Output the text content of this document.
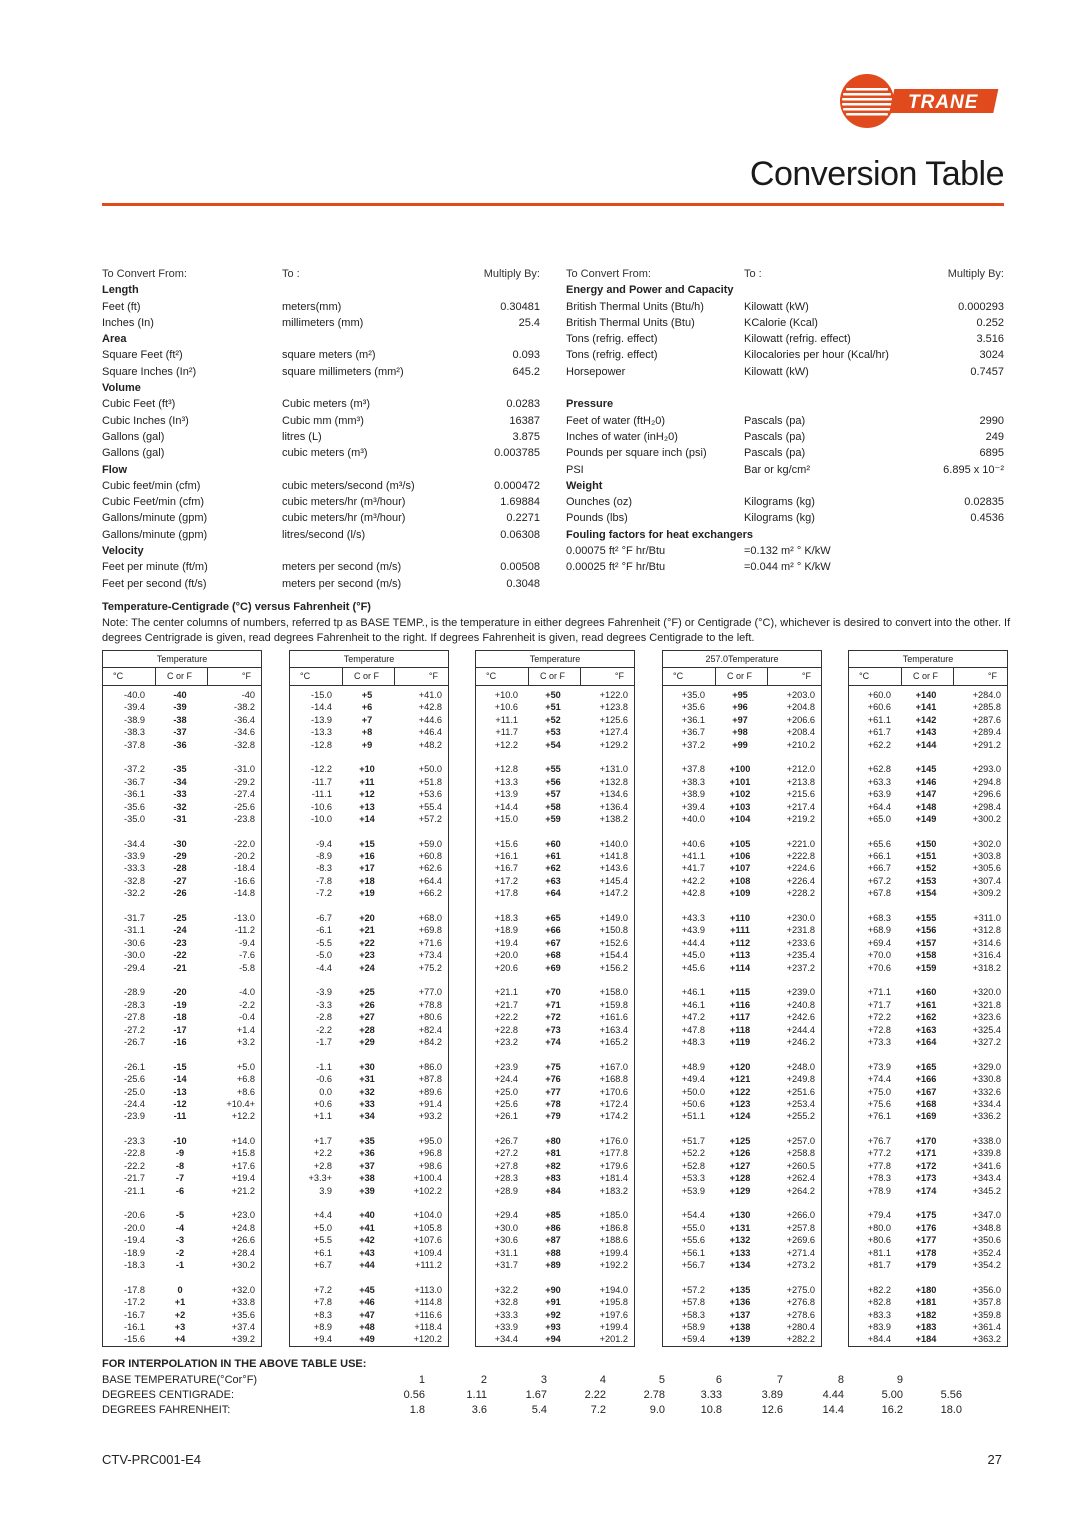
TRANE
Conversion Table
To Convert From:	To :	Multiply By:
Length
Feet (ft)	meters(mm)	0.30481
Inches (In)	millimeters (mm)	25.4
Area
Square Feet (ft²)	square meters (m²)	0.093
Square Inches (In²)	square millimeters (mm²)	645.2
Volume
Cubic Feet (ft³)	Cubic meters (m³)	0.0283
Cubic Inches (In³)	Cubic mm (mm³)	16387
Gallons (gal)	litres (L)	3.875
Gallons (gal)	cubic meters (m³)	0.003785
Flow
Cubic feet/min (cfm)	cubic meters/second (m³/s)	0.000472
Cubic Feet/min (cfm)	cubic meters/hr (m³/hour)	1.69884
Gallons/minute (gpm)	cubic meters/hr (m³/hour)	0.2271
Gallons/minute (gpm)	litres/second (l/s)	0.06308
Velocity
Feet per minute (ft/m)	meters per second (m/s)	0.00508
Feet per second (ft/s)	meters per second (m/s)	0.3048
To Convert From:	To :	Multiply By:
Energy and Power and Capacity
British Thermal Units (Btu/h)	Kilowatt (kW)	0.000293
British Thermal Units (Btu)	KCalorie (Kcal)	0.252
Tons (refrig. effect)	Kilowatt (refrig. effect)	3.516
Tons (refrig. effect)	Kilocalories per hour (Kcal/hr)	3024
Horsepower	Kilowatt (kW)	0.7457
Pressure
Feet of water (ftH₂0)	Pascals (pa)	2990
Inches of water (inH₂0)	Pascals (pa)	249
Pounds per square inch (psi)	Pascals (pa)	6895
PSI	Bar or kg/cm²	6.895 x 10⁻²
Weight
Ounches (oz)	Kilograms (kg)	0.02835
Pounds (lbs)	Kilograms (kg)	0.4536
Fouling factors for heat exchangers
0.00075 ft² °F hr/Btu	=0.132 m² ° K/kW
0.00025 ft² °F hr/Btu	=0.044 m² ° K/kW
Temperature-Centigrade (°C) versus Fahrenheit (°F)
Note: The center columns of numbers, referred tp as BASE TEMP., is the temperature in either degrees Fahrenheit (°F) or Centigrade (°C), whichever is desired to convert into the other. If degrees Centrigrade is given, read degrees Fahrenheit to the right. If degrees Fahrenheit is given, read degrees Centigrade to the left.
Temperature
°C	C or F	°F
-40.0	-40	-40
-39.4	-39	-38.2
-38.9	-38	-36.4
-38.3	-37	-34.6
-37.8	-36	-32.8
-37.2	-35	-31.0
-36.7	-34	-29.2
-36.1	-33	-27.4
-35.6	-32	-25.6
-35.0	-31	-23.8
-34.4	-30	-22.0
-33.9	-29	-20.2
-33.3	-28	-18.4
-32.8	-27	-16.6
-32.2	-26	-14.8
-31.7	-25	-13.0
-31.1	-24	-11.2
-30.6	-23	-9.4
-30.0	-22	-7.6
-29.4	-21	-5.8
-28.9	-20	-4.0
-28.3	-19	-2.2
-27.8	-18	-0.4
-27.2	-17	+1.4
-26.7	-16	+3.2
-26.1	-15	+5.0
-25.6	-14	+6.8
-25.0	-13	+8.6
-24.4	-12	+10.4+
-23.9	-11	+12.2
-23.3	-10	+14.0
-22.8	-9	+15.8
-22.2	-8	+17.6
-21.7	-7	+19.4
-21.1	-6	+21.2
-20.6	-5	+23.0
-20.0	-4	+24.8
-19.4	-3	+26.6
-18.9	-2	+28.4
-18.3	-1	+30.2
-17.8	0	+32.0
-17.2	+1	+33.8
-16.7	+2	+35.6
-16.1	+3	+37.4
-15.6	+4	+39.2
Temperature
°C	C or F	°F
-15.0	+5	+41.0
-14.4	+6	+42.8
-13.9	+7	+44.6
-13.3	+8	+46.4
-12.8	+9	+48.2
-12.2	+10	+50.0
-11.7	+11	+51.8
-11.1	+12	+53.6
-10.6	+13	+55.4
-10.0	+14	+57.2
-9.4	+15	+59.0
-8.9	+16	+60.8
-8.3	+17	+62.6
-7.8	+18	+64.4
-7.2	+19	+66.2
-6.7	+20	+68.0
-6.1	+21	+69.8
-5.5	+22	+71.6
-5.0	+23	+73.4
-4.4	+24	+75.2
-3.9	+25	+77.0
-3.3	+26	+78.8
-2.8	+27	+80.6
-2.2	+28	+82.4
-1.7	+29	+84.2
-1.1	+30	+86.0
-0.6	+31	+87.8
0.0	+32	+89.6
+0.6	+33	+91.4
+1.1	+34	+93.2
+1.7	+35	+95.0
+2.2	+36	+96.8
+2.8	+37	+98.6
+3.3+	+38	+100.4
3.9	+39	+102.2
+4.4	+40	+104.0
+5.0	+41	+105.8
+5.5	+42	+107.6
+6.1	+43	+109.4
+6.7	+44	+111.2
+7.2	+45	+113.0
+7.8	+46	+114.8
+8.3	+47	+116.6
+8.9	+48	+118.4
+9.4	+49	+120.2
Temperature
°C	C or F	°F
+10.0	+50	+122.0
+10.6	+51	+123.8
+11.1	+52	+125.6
+11.7	+53	+127.4
+12.2	+54	+129.2
+12.8	+55	+131.0
+13.3	+56	+132.8
+13.9	+57	+134.6
+14.4	+58	+136.4
+15.0	+59	+138.2
+15.6	+60	+140.0
+16.1	+61	+141.8
+16.7	+62	+143.6
+17.2	+63	+145.4
+17.8	+64	+147.2
+18.3	+65	+149.0
+18.9	+66	+150.8
+19.4	+67	+152.6
+20.0	+68	+154.4
+20.6	+69	+156.2
+21.1	+70	+158.0
+21.7	+71	+159.8
+22.2	+72	+161.6
+22.8	+73	+163.4
+23.2	+74	+165.2
+23.9	+75	+167.0
+24.4	+76	+168.8
+25.0	+77	+170.6
+25.6	+78	+172.4
+26.1	+79	+174.2
+26.7	+80	+176.0
+27.2	+81	+177.8
+27.8	+82	+179.6
+28.3	+83	+181.4
+28.9	+84	+183.2
+29.4	+85	+185.0
+30.0	+86	+186.8
+30.6	+87	+188.6
+31.1	+88	+199.4
+31.7	+89	+192.2
+32.2	+90	+194.0
+32.8	+91	+195.8
+33.3	+92	+197.6
+33.9	+93	+199.4
+34.4	+94	+201.2
257.0Temperature
°C	C or F	°F
+35.0	+95	+203.0
+35.6	+96	+204.8
+36.1	+97	+206.6
+36.7	+98	+208.4
+37.2	+99	+210.2
+37.8	+100	+212.0
+38.3	+101	+213.8
+38.9	+102	+215.6
+39.4	+103	+217.4
+40.0	+104	+219.2
+40.6	+105	+221.0
+41.1	+106	+222.8
+41.7	+107	+224.6
+42.2	+108	+226.4
+42.8	+109	+228.2
+43.3	+110	+230.0
+43.9	+111	+231.8
+44.4	+112	+233.6
+45.0	+113	+235.4
+45.6	+114	+237.2
+46.1	+115	+239.0
+46.1	+116	+240.8
+47.2	+117	+242.6
+47.8	+118	+244.4
+48.3	+119	+246.2
+48.9	+120	+248.0
+49.4	+121	+249.8
+50.0	+122	+251.6
+50.6	+123	+253.4
+51.1	+124	+255.2
+51.7	+125	+257.0
+52.2	+126	+258.8
+52.8	+127	+260.5
+53.3	+128	+262.4
+53.9	+129	+264.2
+54.4	+130	+266.0
+55.0	+131	+257.8
+55.6	+132	+269.6
+56.1	+133	+271.4
+56.7	+134	+273.2
+57.2	+135	+275.0
+57.8	+136	+276.8
+58.3	+137	+278.6
+58.9	+138	+280.4
+59.4	+139	+282.2
Temperature
°C	C or F	°F
+60.0	+140	+284.0
+60.6	+141	+285.8
+61.1	+142	+287.6
+61.7	+143	+289.4
+62.2	+144	+291.2
+62.8	+145	+293.0
+63.3	+146	+294.8
+63.9	+147	+296.6
+64.4	+148	+298.4
+65.0	+149	+300.2
+65.6	+150	+302.0
+66.1	+151	+303.8
+66.7	+152	+305.6
+67.2	+153	+307.4
+67.8	+154	+309.2
+68.3	+155	+311.0
+68.9	+156	+312.8
+69.4	+157	+314.6
+70.0	+158	+316.4
+70.6	+159	+318.2
+71.1	+160	+320.0
+71.7	+161	+321.8
+72.2	+162	+323.6
+72.8	+163	+325.4
+73.3	+164	+327.2
+73.9	+165	+329.0
+74.4	+166	+330.8
+75.0	+167	+332.6
+75.6	+168	+334.4
+76.1	+169	+336.2
+76.7	+170	+338.0
+77.2	+171	+339.8
+77.8	+172	+341.6
+78.3	+173	+343.4
+78.9	+174	+345.2
+79.4	+175	+347.0
+80.0	+176	+348.8
+80.6	+177	+350.6
+81.1	+178	+352.4
+81.7	+179	+354.2
+82.2	+180	+356.0
+82.8	+181	+357.8
+83.3	+182	+359.8
+83.9	+183	+361.4
+84.4	+184	+363.2
FOR INTERPOLATION IN THE ABOVE TABLE USE:
BASE TEMPERATURE(°Cor°F)	1	2	3	4	5	6	7	8	9
DEGREES CENTIGRADE:	0.56	1.11	1.67	2.22	2.78	3.33	3.89	4.44	5.00	5.56
DEGREES FAHRENHEIT:	1.8	3.6	5.4	7.2	9.0	10.8	12.6	14.4	16.2	18.0
CTV-PRC001-E4	27
